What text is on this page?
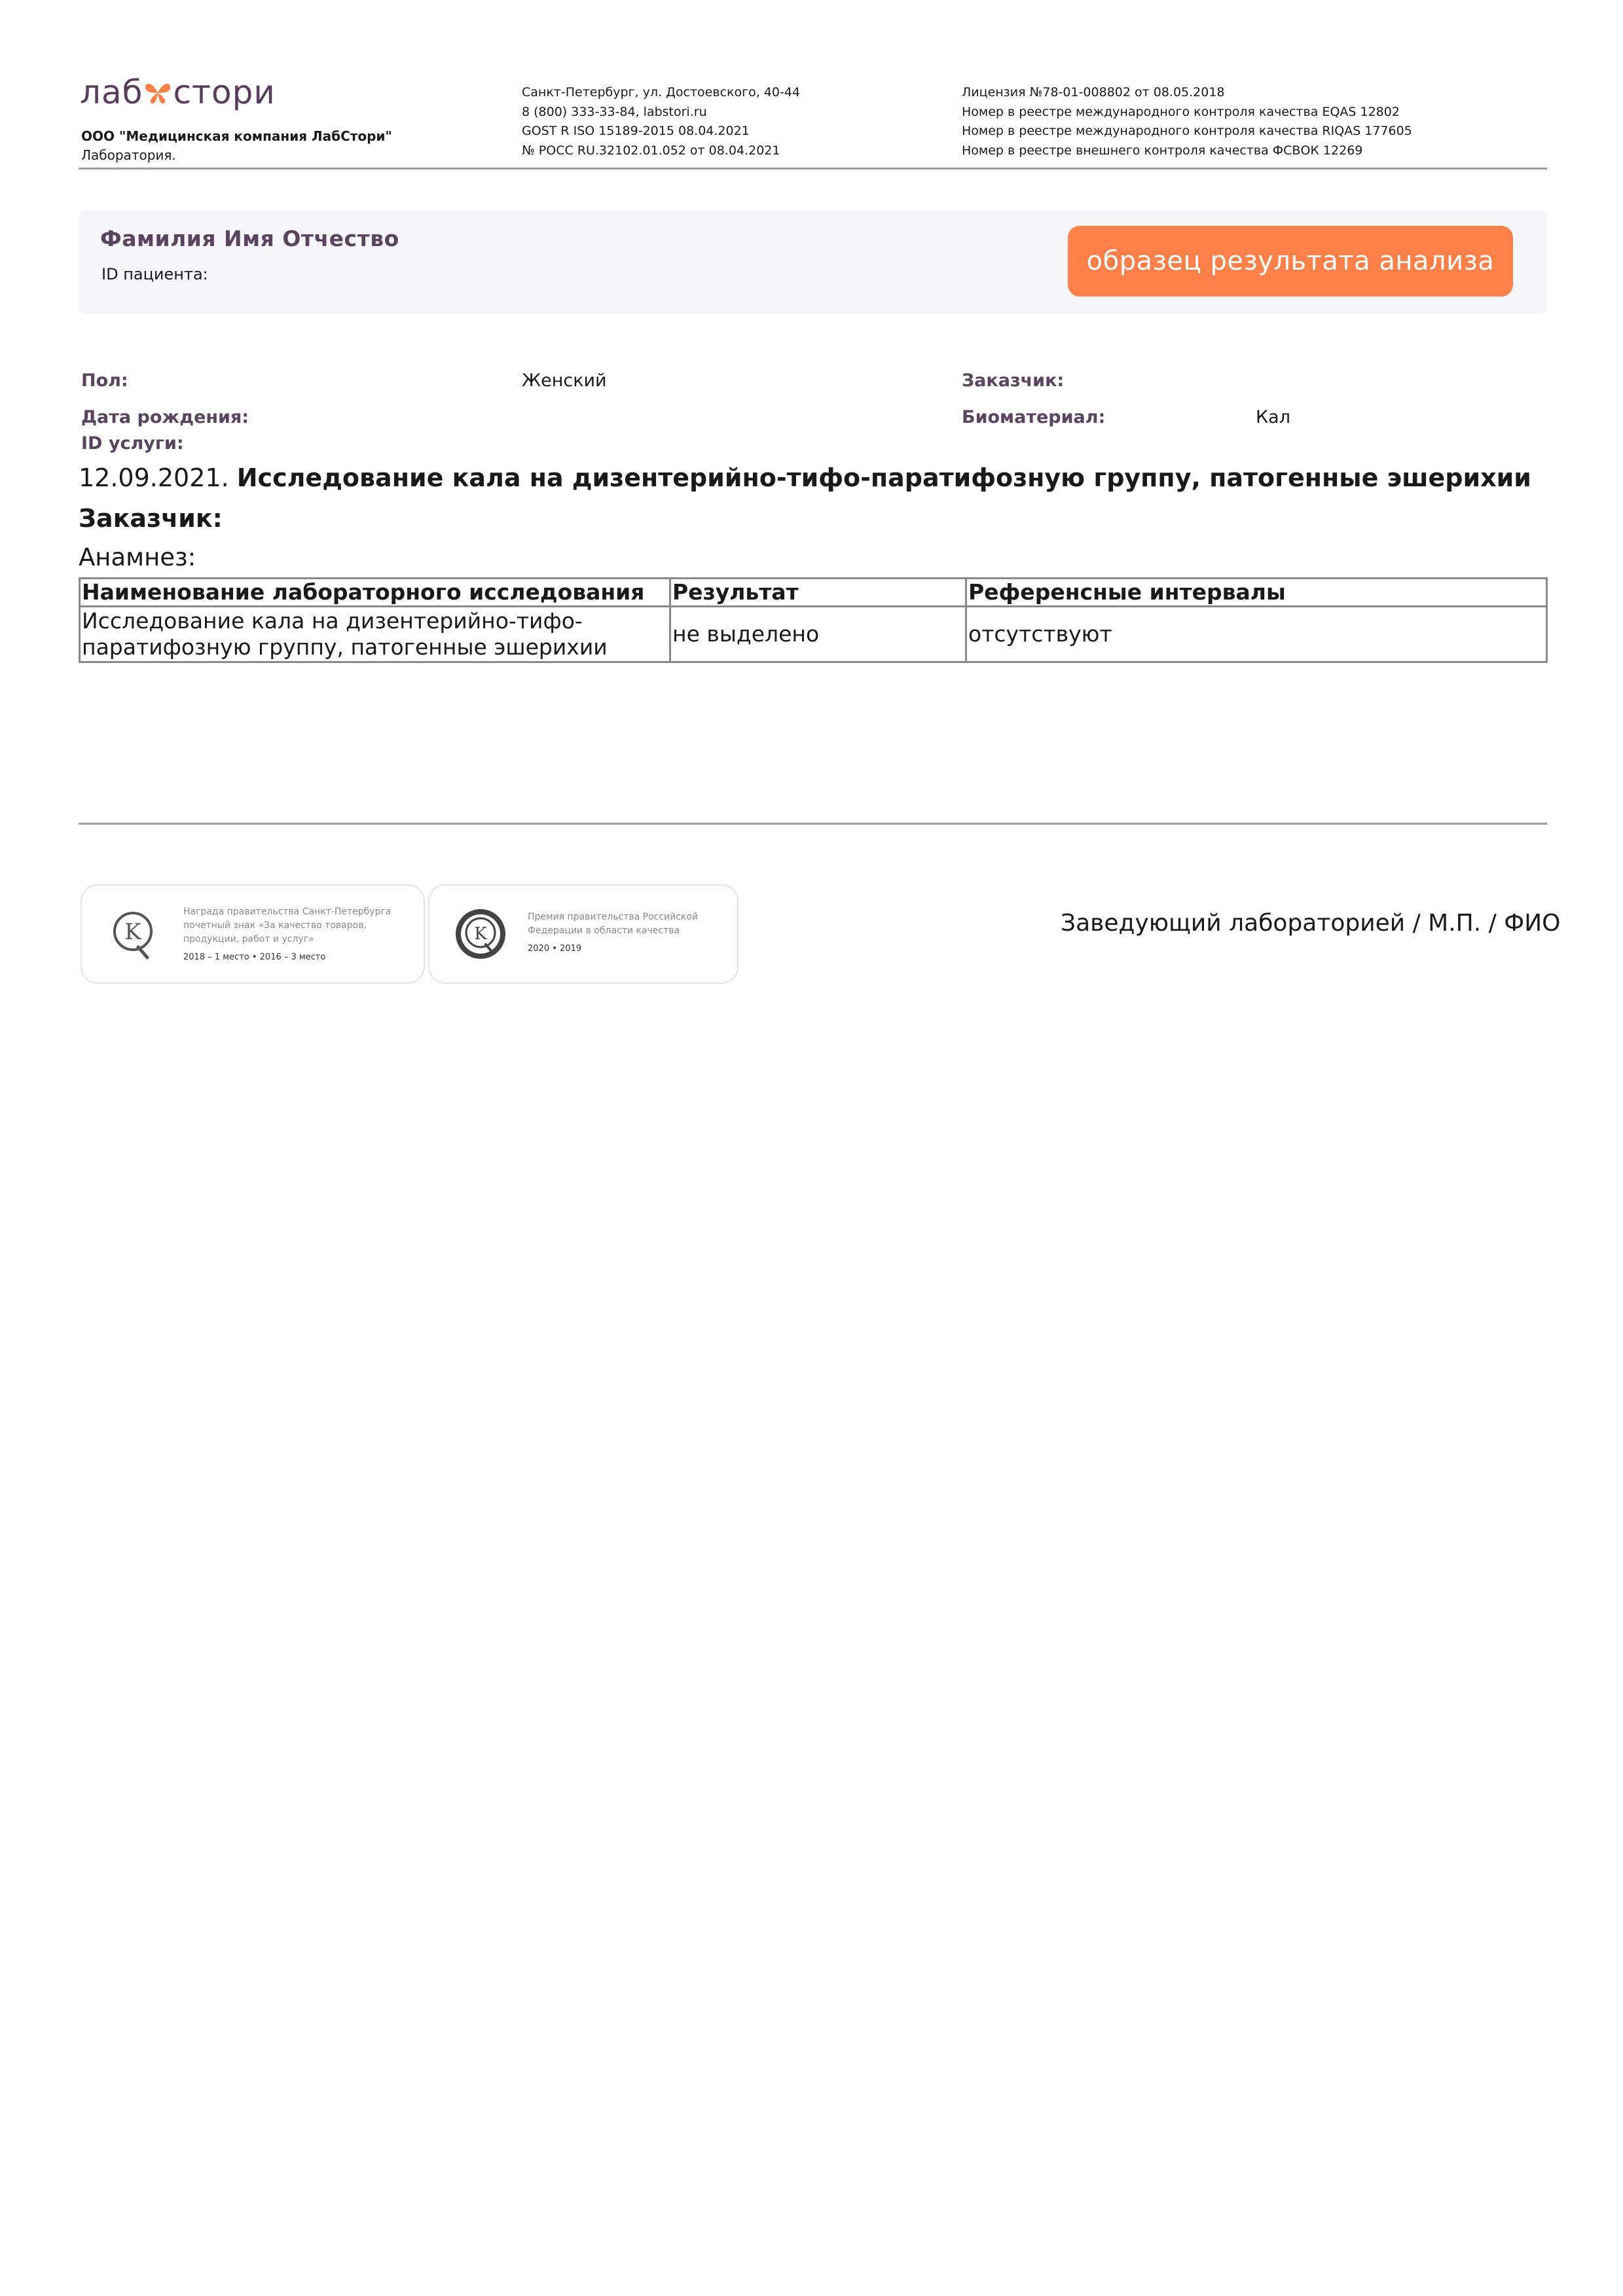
лаб стори
ООО "Медицинская компания ЛабСтори"
Лаборатория.
Санкт-Петербург, ул. Достоевского, 40-44
8 (800) 333-33-84, labstori.ru
GOST R ISO 15189-2015 08.04.2021
№ РОСС RU.32102.01.052 от 08.04.2021
Лицензия №78-01-008802 от 08.05.2018
Номер в реестре международного контроля качества EQAS 12802
Номер в реестре международного контроля качества RIQAS 177605
Номер в реестре внешнего контроля качества ФСВОК 12269
Фамилия Имя Отчество
ID пациента:	образец результата анализа
Пол:	Женский	Заказчик:
Дата рождения:	Биоматериал:	Кал
ID услуги:
12.09.2021. Исследование кала на дизентерийно-тифо-паратифозную группу, патогенные эшерихии
Заказчик:
Анамнез:
Наименование лабораторного исследования	Результат	Референсные интервалы

Исследование кала на дизентерийно-тифо-
паратифозную группу, патогенные эшерихии	не выделено	отсутствуют
K
Награда правительства Санкт-Петербурга
почетный знак «За качество товаров,
продукции, работ и услуг»
2018 – 1 место • 2016 – 3 место
K
Премия правительства Российской
Федерации в области качества
2020 • 2019
Заведующий лабораторией / М.П. / ФИО
